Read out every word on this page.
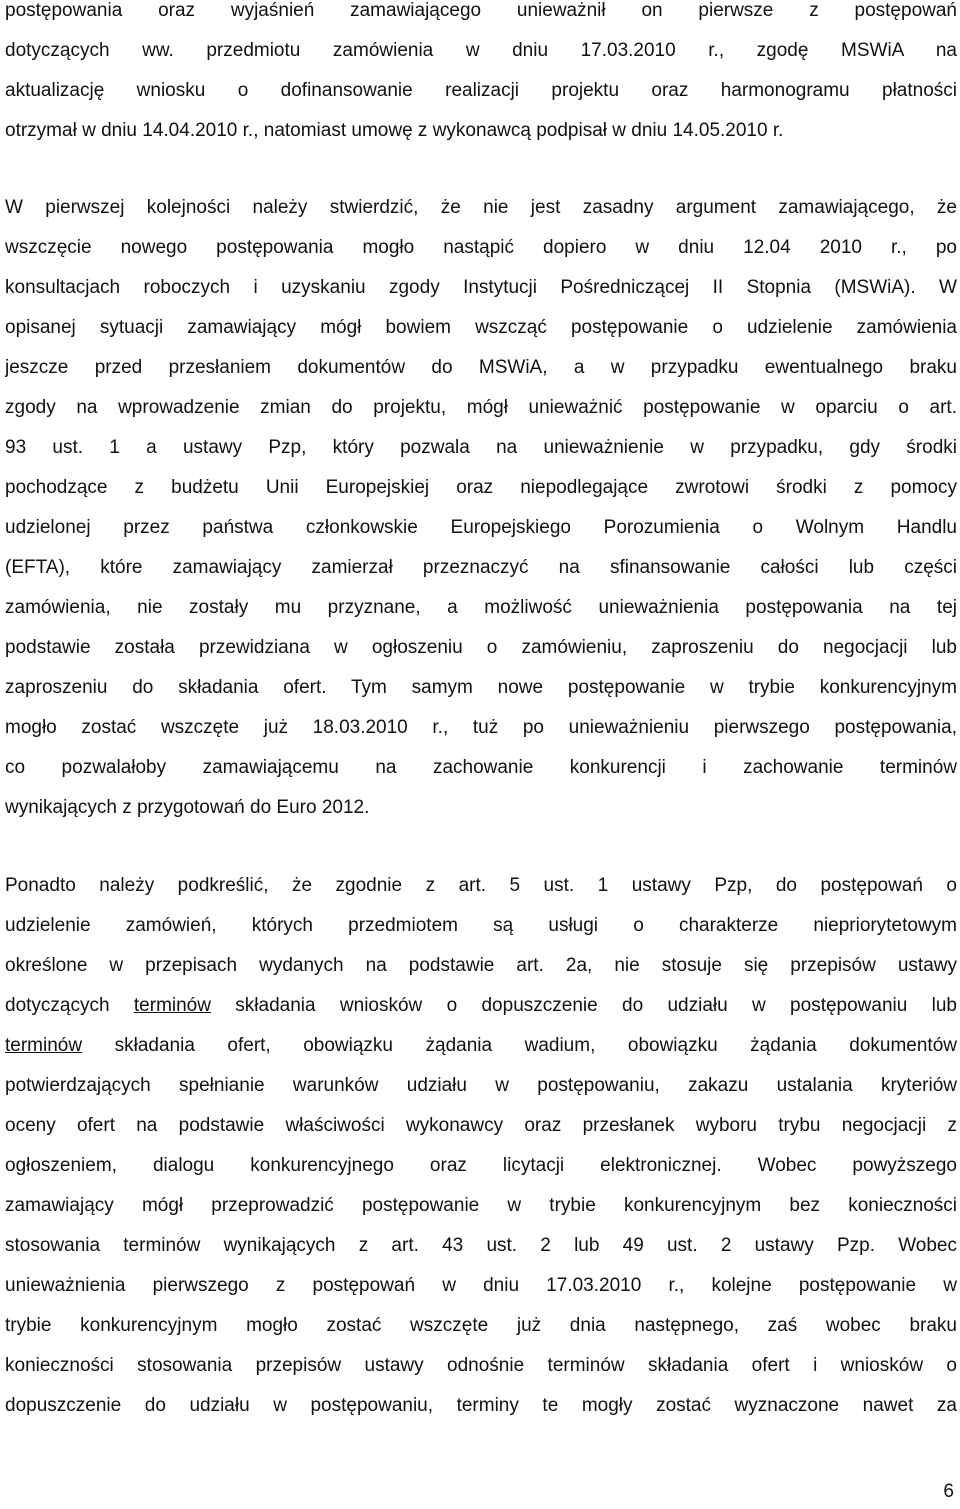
postępowania oraz wyjaśnień zamawiającego unieważnił on pierwsze z postępowań
dotyczących ww. przedmiotu zamówienia w dniu 17.03.2010 r., zgodę MSWiA na
aktualizację wniosku o dofinansowanie realizacji projektu oraz harmonogramu płatności
otrzymał w dniu 14.04.2010 r., natomiast umowę z wykonawcą podpisał w dniu 14.05.2010 r.

W pierwszej kolejności należy stwierdzić, że nie jest zasadny argument zamawiającego, że
wszczęcie nowego postępowania mogło nastąpić dopiero w dniu 12.04 2010 r., po
konsultacjach roboczych i uzyskaniu zgody Instytucji Pośredniczącej II Stopnia (MSWiA). W
opisanej sytuacji zamawiający mógł bowiem wszcząć postępowanie o udzielenie zamówienia
jeszcze przed przesłaniem dokumentów do MSWiA, a w przypadku ewentualnego braku
zgody na wprowadzenie zmian do projektu, mógł unieważnić postępowanie w oparciu o art.
93 ust. 1 a ustawy Pzp, który pozwala na unieważnienie w przypadku, gdy środki
pochodzące z budżetu Unii Europejskiej oraz niepodlegające zwrotowi środki z pomocy
udzielonej przez państwa członkowskie Europejskiego Porozumienia o Wolnym Handlu
(EFTA), które zamawiający zamierzał przeznaczyć na sfinansowanie całości lub części
zamówienia, nie zostały mu przyznane, a możliwość unieważnienia postępowania na tej
podstawie została przewidziana w ogłoszeniu o zamówieniu, zaproszeniu do negocjacji lub
zaproszeniu do składania ofert. Tym samym nowe postępowanie w trybie konkurencyjnym
mogło zostać wszczęte już 18.03.2010 r., tuż po unieważnieniu pierwszego postępowania,
co pozwalałoby zamawiającemu na zachowanie konkurencji i zachowanie terminów
wynikających z przygotowań do Euro 2012.

Ponadto należy podkreślić, że zgodnie z art. 5 ust. 1 ustawy Pzp, do postępowań o
udzielenie zamówień, których przedmiotem są usługi o charakterze niepriorytetowym
określone w przepisach wydanych na podstawie art. 2a, nie stosuje się przepisów ustawy
dotyczących terminów składania wniosków o dopuszczenie do udziału w postępowaniu lub
terminów składania ofert, obowiązku żądania wadium, obowiązku żądania dokumentów
potwierdzających spełnianie warunków udziału w postępowaniu, zakazu ustalania kryteriów
oceny ofert na podstawie właściwości wykonawcy oraz przesłanek wyboru trybu negocjacji z
ogłoszeniem, dialogu konkurencyjnego oraz licytacji elektronicznej. Wobec powyższego
zamawiający mógł przeprowadzić postępowanie w trybie konkurencyjnym bez konieczności
stosowania terminów wynikających z art. 43 ust. 2 lub 49 ust. 2 ustawy Pzp. Wobec
unieważnienia pierwszego z postępowań w dniu 17.03.2010 r., kolejne postępowanie w
trybie konkurencyjnym mogło zostać wszczęte już dnia następnego, zaś wobec braku
konieczności stosowania przepisów ustawy odnośnie terminów składania ofert i wniosków o
dopuszczenie do udziału w postępowaniu, terminy te mogły zostać wyznaczone nawet za

6
